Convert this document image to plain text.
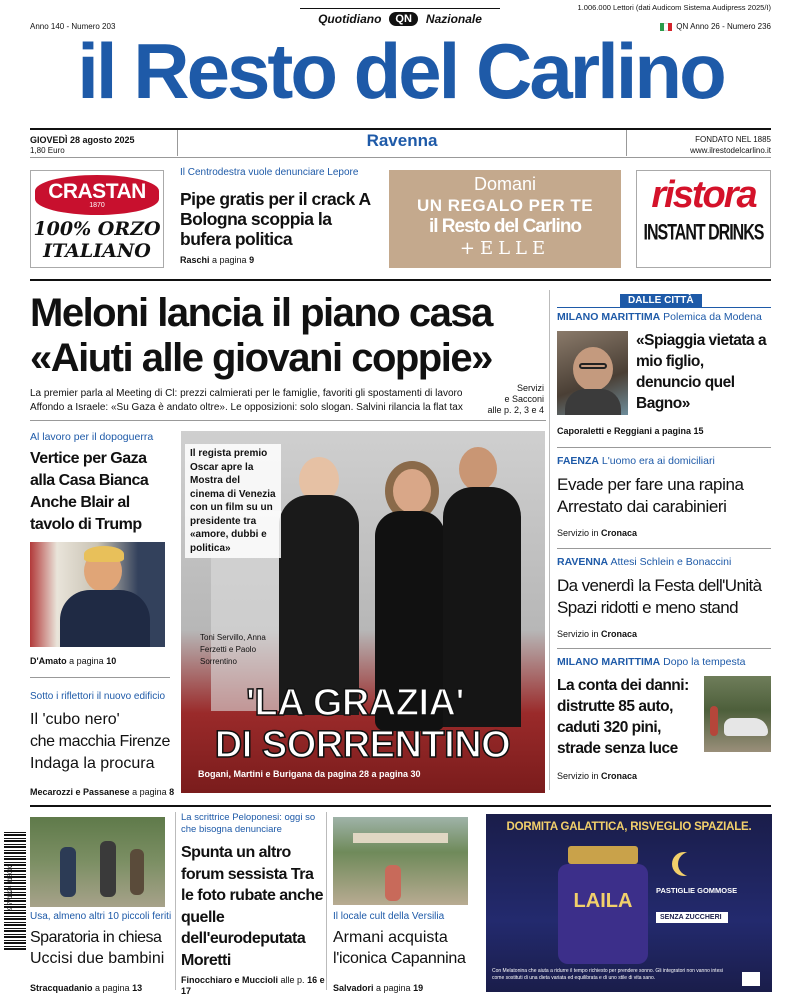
Anno 140 - Numero 203
Quotidiano	QN	Nazionale
1.006.000 Lettori (dati Audicom Sistema Audipress 2025/I)
QN Anno 26 - Numero 236
il Resto del Carlino
GIOVEDÌ 28 agosto 2025
1,80 Euro
Ravenna	FONDATO NEL 1885
www.ilrestodelcarlino.it
CRASTAN
1870
100% ORZO
ITALIANO
Il Centrodestra vuole denunciare Lepore
Pipe gratis per il crack A Bologna scoppia la bufera politica
Raschi a pagina 9
Domani
UN REGALO PER TE
il Resto del Carlino
+ELLE
ristora
INSTANT DRINKS
Meloni lancia il piano casa
«Aiuti alle giovani coppie»
La premier parla al Meeting di Cl: prezzi calmierati per le famiglie, favoriti gli spostamenti di lavoro
Affondo a Israele: «Su Gaza è andato oltre». Le opposizioni: solo slogan. Salvini rilancia la flat tax
Servizi
e Sacconi
alle p. 2, 3 e 4
DALLE CITTÀ
MILANO MARITTIMA Polemica da Modena
«Spiaggia vietata a mio figlio, denuncio quel Bagno»
Caporaletti e Reggiani a pagina 15
FAENZA L'uomo era ai domiciliari
Evade per fare una rapina
Arrestato dai carabinieri
Servizio in Cronaca
RAVENNA Attesi Schlein e Bonaccini
Da venerdì la Festa dell'Unità
Spazi ridotti e meno stand
Servizio in Cronaca
MILANO MARITTIMA Dopo la tempesta
La conta dei danni: distrutte 85 auto, caduti 320 pini, strade senza luce
Servizio in Cronaca
Al lavoro per il dopoguerra
Vertice per Gaza alla Casa Bianca Anche Blair al tavolo di Trump
D'Amato a pagina 10
Sotto i riflettori il nuovo edificio
Il 'cubo nero'
che macchia Firenze
Indaga la procura
Mecarozzi e Passanese a pagina 8
Il regista premio Oscar apre la Mostra del cinema di Venezia con un film su un presidente tra «amore, dubbi e politica»
Toni Servillo, Anna Ferzetti e Paolo Sorrentino
'LA GRAZIA'
DI SORRENTINO
Bogani, Martini e Burigana da pagina 28 a pagina 30
9 771124 818002
Usa, almeno altri 10 piccoli feriti
Sparatoria in chiesa
Uccisi due bambini
Stracquadanio a pagina 13
La scrittrice Peloponesi: oggi so che bisogna denunciare
Spunta un altro forum sessista Tra le foto rubate anche quelle dell'eurodeputata Moretti
Finocchiaro e Muccioli alle p. 16 e 17
Il locale cult della Versilia
Armani acquista
l'iconica Capannina
Salvadori a pagina 19
DORMITA GALATTICA, RISVEGLIO SPAZIALE.
LAILA	PASTIGLIE GOMMOSE
SENZA ZUCCHERI
Con Melatonina che aiuta a ridurre il tempo richiesto per prendere sonno. Gli integratori non vanno intesi come sostituti di una dieta variata ed equilibrata e di uno stile di vita sano.
